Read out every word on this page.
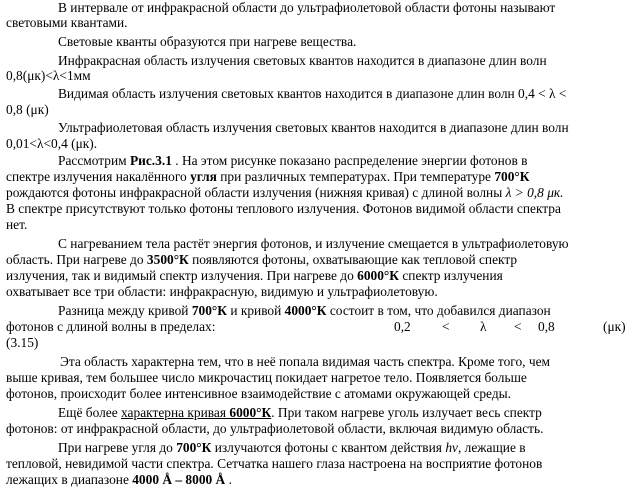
В интервале от инфракрасной области до ультрафиолетовой области фотоны называют
световыми квантами.
Световые кванты образуются при нагреве вещества.
Инфракрасная область излучения световых квантов находится в диапазоне длин волн
0,8(μк)<λ<1мм
Видимая область излучения световых квантов находится в диапазоне длин волн 0,4 < λ <
0,8 (μк)
Ультрафиолетовая область излучения световых квантов находится в диапазоне длин волн
0,01<λ<0,4 (μк).
Рассмотрим Рис.3.1 . На этом рисунке показано распределение энергии фотонов в
спектре излучения накалённого угля при различных температурах. При температуре 700°К
рождаются фотоны инфракрасной области излучения (нижняя кривая) с длиной волны λ > 0,8 μк.
В спектре присутствуют только фотоны теплового излучения. Фотонов видимой области спектра
нет.
С нагреванием тела растёт энергия фотонов, и излучение смещается в ультрафиолетовую
область. При нагреве до 3500°К появляются фотоны, охватывающие как тепловой спектр
излучения, так и видимый спектр излучения. При нагреве до 6000°К спектр излучения
охватывает все три области: инфракрасную, видимую и ультрафиолетовую.
Разница между кривой 700°К и кривой 4000°К состоит в том, что добавился диапазон
фотонов с длиной волны в пределах:	0,2 < λ < 0,8	(μк)
(3.15)
Эта область характерна тем, что в неё попала видимая часть спектра. Кроме того, чем
выше кривая, тем большее число микрочастиц покидает нагретое тело. Появляется больше
фотонов, происходит более интенсивное взаимодействие с атомами окружающей среды.
Ещё более характерна кривая 6000°К. При таком нагреве уголь излучает весь спектр
фотонов: от инфракрасной области, до ультрафиолетовой области, включая видимую область.
При нагреве угля до 700°К излучаются фотоны с квантом действия hν, лежащие в
тепловой, невидимой части спектра. Сетчатка нашего глаза настроена на восприятие фотонов
лежащих в диапазоне 4000 Å – 8000 Å .
